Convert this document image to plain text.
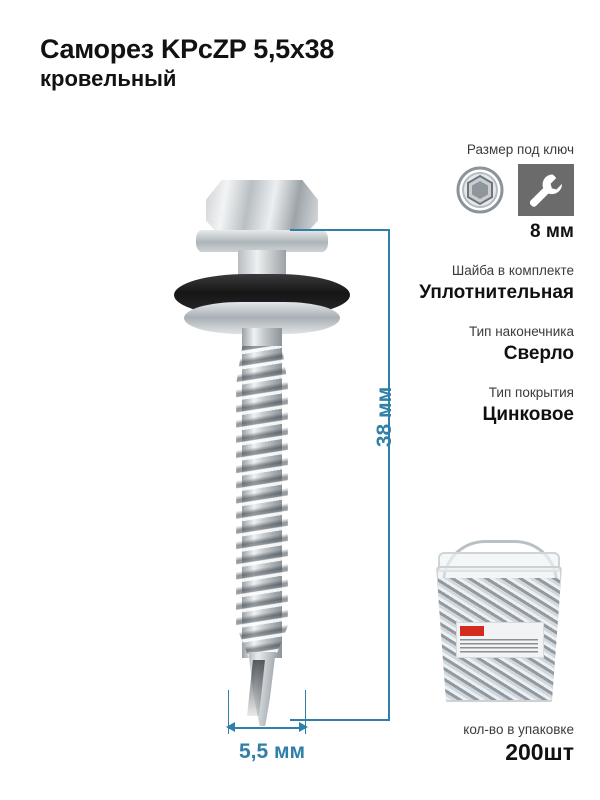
Саморез KPcZP 5,5x38
кровельный
38 мм
5,5 мм
Размер под ключ
8 мм
Шайба в комплекте
Уплотнительная
Тип наконечника
Сверло
Тип покрытия
Цинковое
кол-во в упаковке
200шт
